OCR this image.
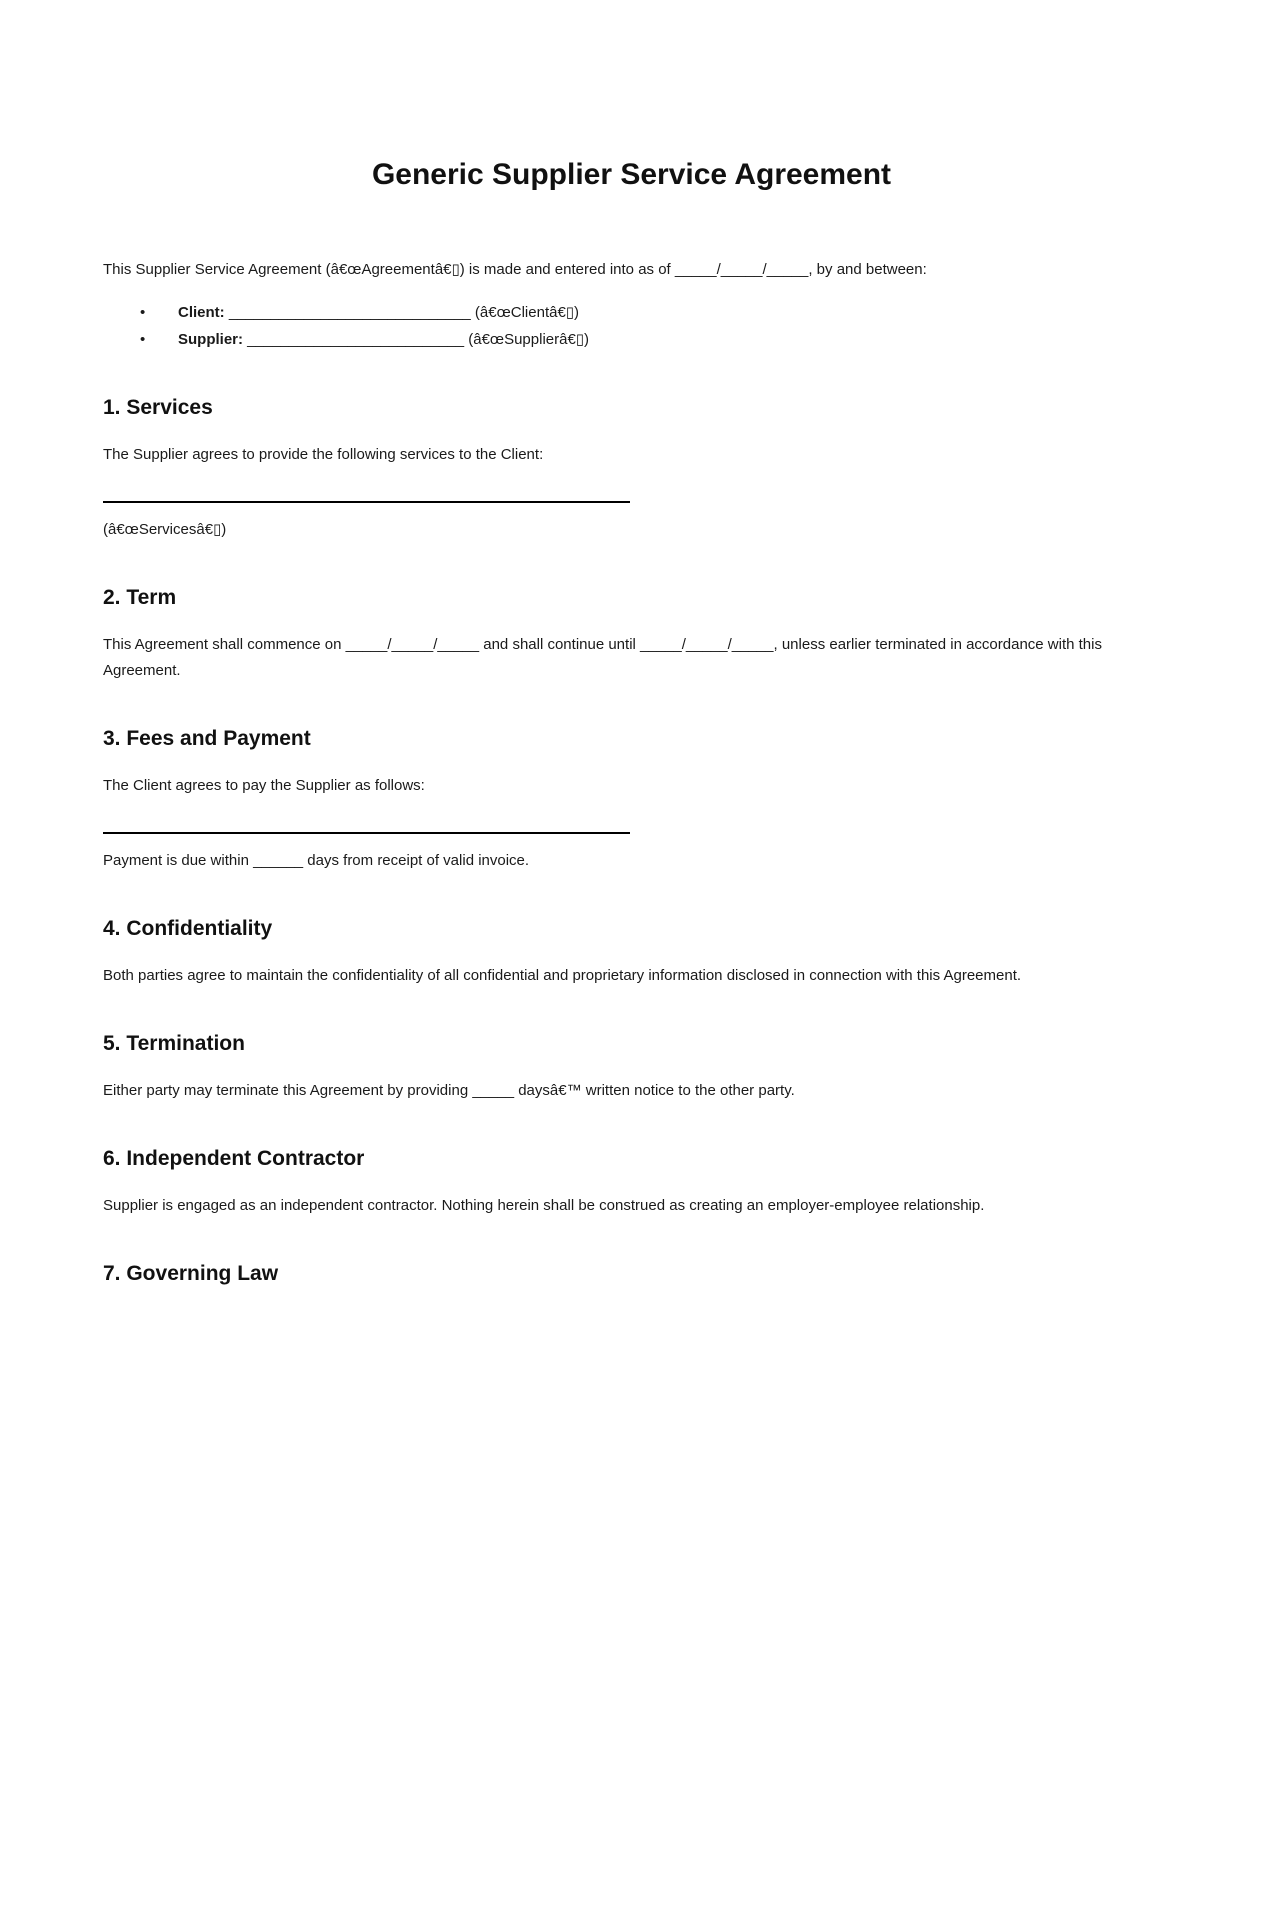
Generic Supplier Service Agreement

This Supplier Service Agreement (â€œAgreementâ€▯) is made and entered into as of _____/_____/_____, by and between:

• Client: _____________________________ (â€œClientâ€▯)
• Supplier: __________________________ (â€œSupplierâ€▯)
1. Services

The Supplier agrees to provide the following services to the Client:

(â€œServicesâ€▯)

2. Term

This Agreement shall commence on _____/_____/_____ and shall continue until _____/_____/_____, unless earlier terminated in accordance with this Agreement.

3. Fees and Payment

The Client agrees to pay the Supplier as follows:

Payment is due within ______ days from receipt of valid invoice.

4. Confidentiality

Both parties agree to maintain the confidentiality of all confidential and proprietary information disclosed in connection with this Agreement.

5. Termination

Either party may terminate this Agreement by providing _____ daysâ€™ written notice to the other party.

6. Independent Contractor

Supplier is engaged as an independent contractor. Nothing herein shall be construed as creating an employer-employee relationship.

7. Governing Law
